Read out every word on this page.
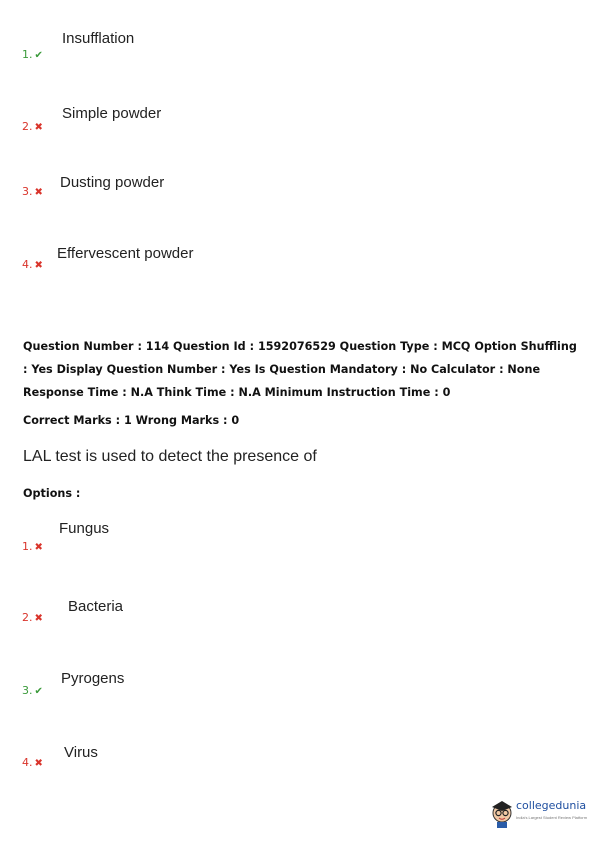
1. ✔
Insufflation
2. ✖
Simple powder
3. ✖
Dusting powder
4. ✖
Effervescent powder
Question Number : 114 Question Id : 1592076529 Question Type : MCQ Option Shuffling : Yes Display Question Number : Yes Is Question Mandatory : No Calculator : None Response Time : N.A Think Time : N.A Minimum Instruction Time : 0
Correct Marks : 1 Wrong Marks : 0
LAL test is used to detect the presence of
Options :
1. ✖
Fungus
2. ✖
Bacteria
3. ✔
Pyrogens
4. ✖
Virus
collegedunia
India's Largest Student Review Platform
